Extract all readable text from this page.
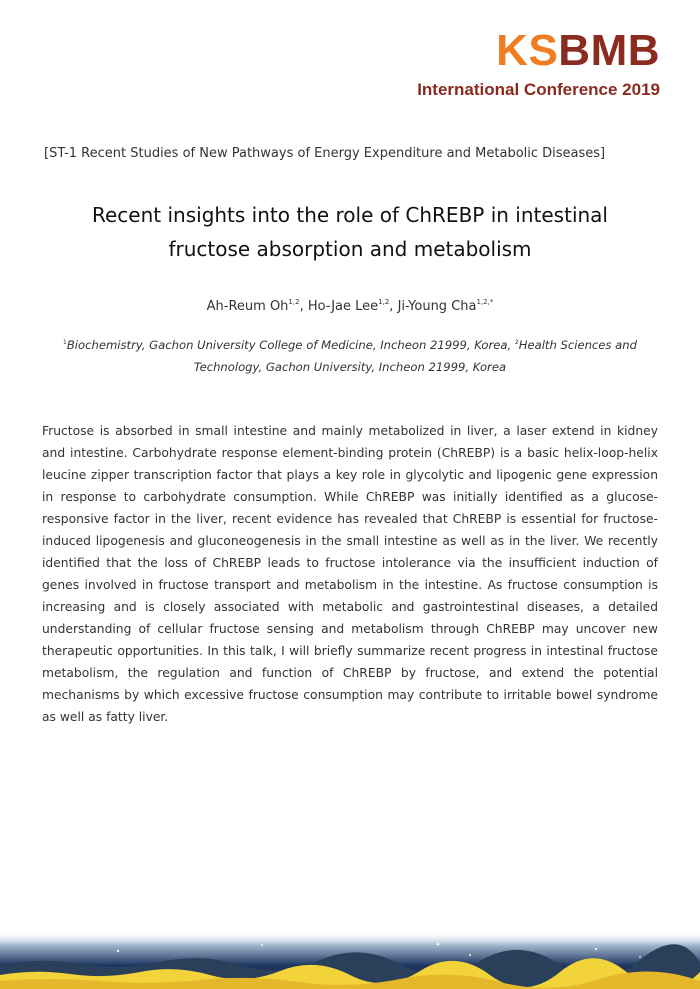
KSBMB
International Conference 2019
[ST-1 Recent Studies of New Pathways of Energy Expenditure and Metabolic Diseases]
Recent insights into the role of ChREBP in intestinal
fructose absorption and metabolism
Ah-Reum Oh$^{1,2}$, Ho-Jae Lee$^{1,2}$, Ji-Young Cha$^{1,2,*}$
$^1$Biochemistry, Gachon University College of Medicine, Incheon 21999, Korea, $^2$Health Sciences and Technology, Gachon University, Incheon 21999, Korea

Fructose is absorbed in small intestine and mainly metabolized in liver, a laser extend in kidney and intestine. Carbohydrate response element-binding protein (ChREBP) is a basic helix-loop-helix leucine zipper transcription factor that plays a key role in glycolytic and lipogenic gene expression in response to carbohydrate consumption. While ChREBP was initially identified as a glucose-responsive factor in the liver, recent evidence has revealed that ChREBP is essential for fructose-induced lipogenesis and gluconeogenesis in the small intestine as well as in the liver. We recently identified that the loss of ChREBP leads to fructose intolerance via the insufficient induction of genes involved in fructose transport and metabolism in the intestine. As fructose consumption is increasing and is closely associated with metabolic and gastrointestinal diseases, a detailed understanding of cellular fructose sensing and metabolism through ChREBP may uncover new therapeutic opportunities. In this talk, I will briefly summarize recent progress in intestinal fructose metabolism, the regulation and function of ChREBP by fructose, and extend the potential mechanisms by which excessive fructose consumption may contribute to irritable bowel syndrome as well as fatty liver.
